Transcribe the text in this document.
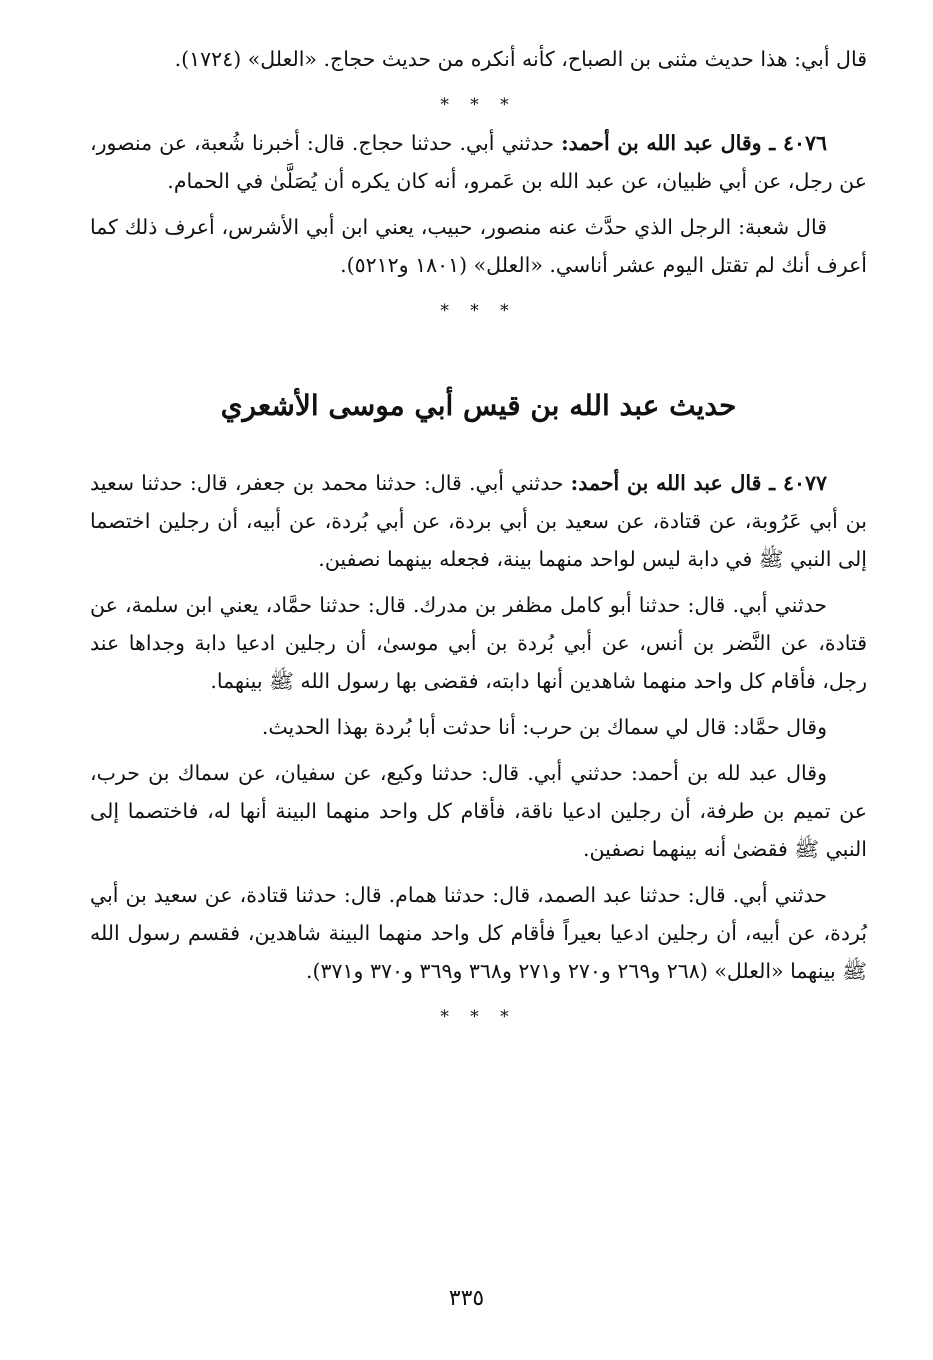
قال أبي: هذا حديث مثنى بن الصباح، كأنه أنكره من حديث حجاج. «العلل» (١٧٢٤).

* * *

٤٠٧٦ ـ وقال عبد الله بن أحمد: حدثني أبي. حدثنا حجاج. قال: أخبرنا شُعبة، عن منصور، عن رجل، عن أبي ظبيان، عن عبد الله بن عَمرو، أنه كان يكره أن يُصَلَّىٰ في الحمام.

قال شعبة: الرجل الذي حدَّث عنه منصور، حبيب، يعني ابن أبي الأشرس، أعرف ذلك كما أعرف أنك لم تقتل اليوم عشر أناسي. «العلل» (١٨٠١ و٥٢١٢).

* * *
حديث عبد الله بن قيس أبي موسى الأشعري

٤٠٧٧ ـ قال عبد الله بن أحمد: حدثني أبي. قال: حدثنا محمد بن جعفر، قال: حدثنا سعيد بن أبي عَرُوبة، عن قتادة، عن سعيد بن أبي بردة، عن أبي بُردة، عن أبيه، أن رجلين اختصما إلى النبي ﷺ في دابة ليس لواحد منهما بينة، فجعله بينهما نصفين.

حدثني أبي. قال: حدثنا أبو كامل مظفر بن مدرك. قال: حدثنا حمَّاد، يعني ابن سلمة، عن قتادة، عن النَّضر بن أنس، عن أبي بُردة بن أبي موسىٰ، أن رجلين ادعيا دابة وجداها عند رجل، فأقام كل واحد منهما شاهدين أنها دابته، فقضى بها رسول الله ﷺ بينهما.

وقال حمَّاد: قال لي سماك بن حرب: أنا حدثت أبا بُردة بهذا الحديث.

وقال عبد لله بن أحمد: حدثني أبي. قال: حدثنا وكيع، عن سفيان، عن سماك بن حرب، عن تميم بن طرفة، أن رجلين ادعيا ناقة، فأقام كل واحد منهما البينة أنها له، فاختصما إلى النبي ﷺ فقضىٰ أنه بينهما نصفين.

حدثني أبي. قال: حدثنا عبد الصمد، قال: حدثنا همام. قال: حدثنا قتادة، عن سعيد بن أبي بُردة، عن أبيه، أن رجلين ادعيا بعيراً فأقام كل واحد منهما البينة شاهدين، فقسم رسول الله ﷺ بينهما «العلل» (٢٦٨ و٢٦٩ و٢٧٠ و٢٧١ و٣٦٨ و٣٦٩ و٣٧٠ و٣٧١).

* * *
٣٣٥
